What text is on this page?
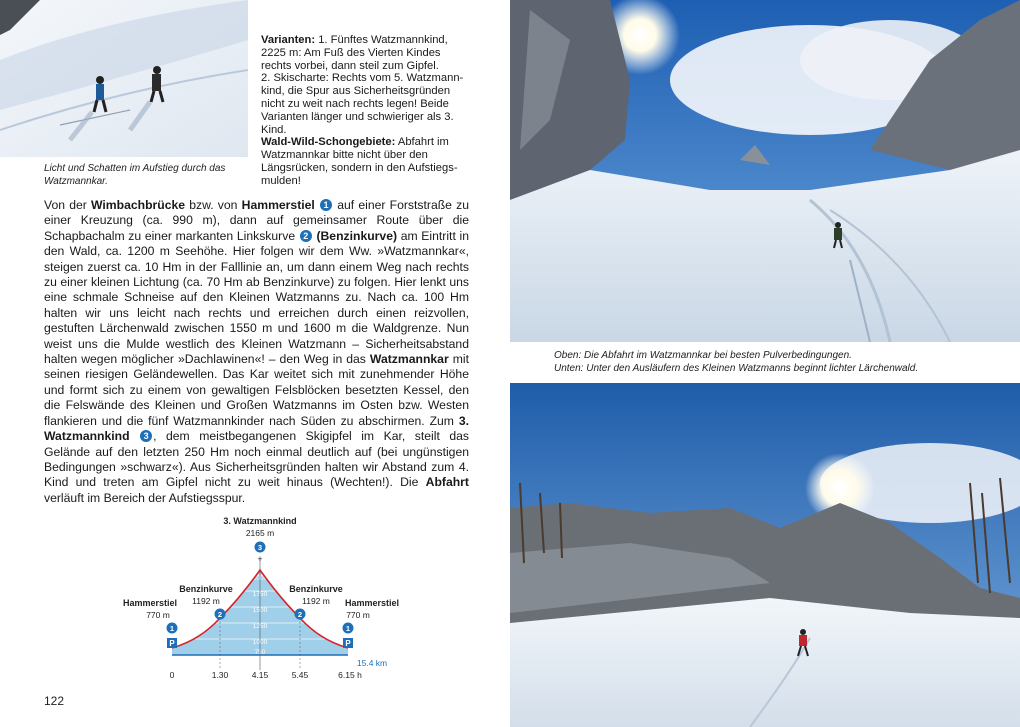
Licht und Schatten im Aufstieg durch das Watzmannkar.
Oben: Die Abfahrt im Watzmannkar bei besten Pulverbedingungen.
Unten: Unter den Ausläufern des Kleinen Watzmanns beginnt lichter Lärchenwald.
Varianten: 1. Fünftes Watzmannkind, 2225 m: Am Fuß des Vierten Kindes rechts vorbei, dann steil zum Gipfel.
2. Skischarte: Rechts vom 5. Watzmannkind, die Spur aus Sicherheitsgründen nicht zu weit nach rechts legen! Beide Varianten länger und schwieriger als 3. Kind.
Wald-Wild-Schongebiete: Abfahrt im Watzmannkar bitte nicht über den Längsrücken, sondern in den Aufstiegsmulden!
Von der Wimbachbrücke bzw. von Hammerstiel 1 auf einer Forststraße zu einer Kreuzung (ca. 990 m), dann auf gemeinsamer Route über die Schapbachalm zu einer markanten Linkskurve 2 (Benzinkurve) am Eintritt in den Wald, ca. 1200 m Seehöhe. Hier folgen wir dem Ww. »Watzmannkar«, steigen zuerst ca. 10 Hm in der Falllinie an, um dann einem Weg nach rechts zu einer kleinen Lichtung (ca. 70 Hm ab Benzinkurve) zu folgen. Hier lenkt uns eine schmale Schneise auf den Kleinen Watzmanns zu. Nach ca. 100 Hm halten wir uns leicht nach rechts und erreichen durch einen reizvollen, gestuften Lärchenwald zwischen 1550 m und 1600 m die Waldgrenze. Nun weist uns die Mulde westlich des Kleinen Watzmann – Sicherheitsabstand halten wegen möglicher »Dachlawinen«! – den Weg in das Watzmannkar mit seinen riesigen Geländewellen. Das Kar weitet sich mit zunehmender Höhe und formt sich zu einem von gewaltigen Felsblöcken besetzten Kessel, den die Felswände des Kleinen und Großen Watzmanns im Osten bzw. Westen flankieren und die fünf Watzmannkinder nach Süden zu abschirmen. Zum 3. Watzmannkind 3 , dem meistbegangenen Skigipfel im Kar, steilt das Gelände auf den letzten 250 Hm noch einmal deutlich auf (bei ungünstigen Bedingungen »schwarz«). Aus Sicherheitsgründen halten wir Abstand zum 4. Kind und treten am Gipfel nicht zu weit hinaus (Wechten!). Die Abfahrt verläuft im Bereich der Aufstiegsspur.
2000
1750
1500
1250
1000
750
+
3
2	2
1
P
1
P
3. Watzmannkind
2165 m
Benzinkurve
1192 m
Benzinkurve
1192 m
Hammerstiel
770 m
Hammerstiel
770 m
15.4 km
0	1.30	4.15	5.45	6.15 h
122
